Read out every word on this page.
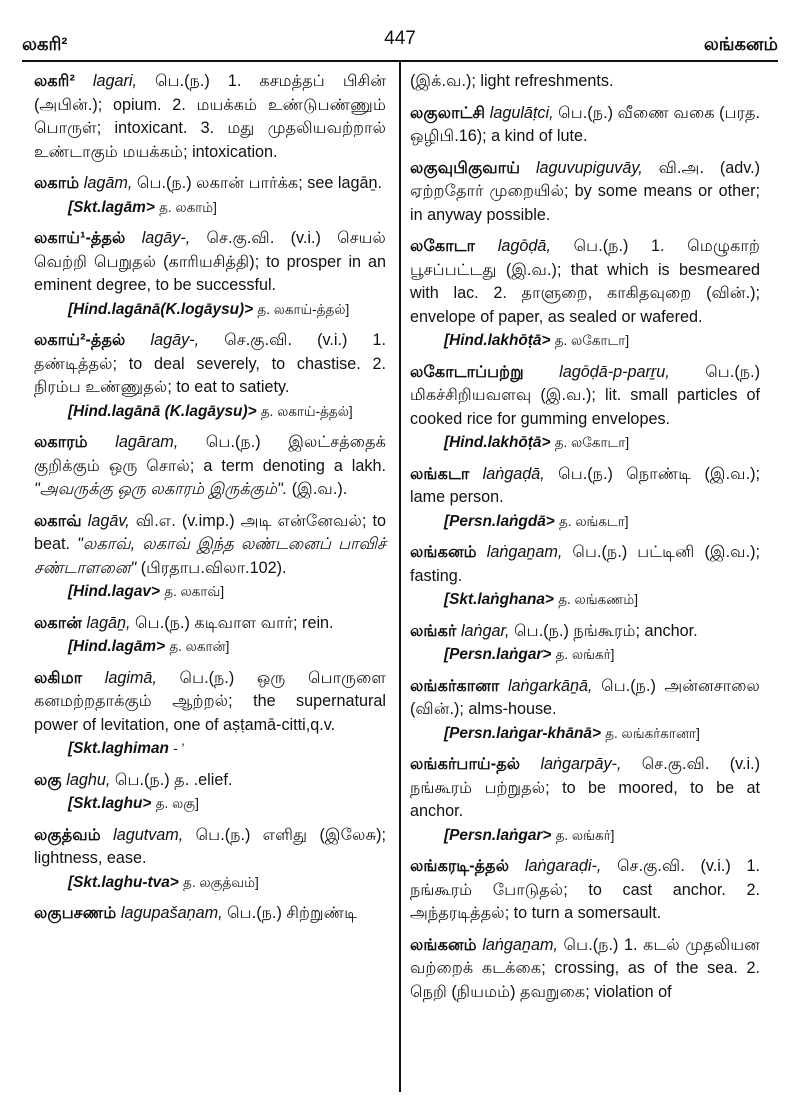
லகரி²	447	லங்கனம்

லகரி² lagari, பெ.(ந.) 1. கசமத்தப் பிசின் (அபின்.); opium. 2. மயக்கம் உண்டுபண்ணும் பொருள்; intoxicant. 3. மது முதலியவற்றால் உண்டாகும் மயக்கம்; intoxication.

லகாம் lagām, பெ.(ந.) லகான் பார்க்க; see lagāṉ.

[Skt.lagām> த. லகாம்]

லகாய்¹-த்தல் lagāy-, செ.கு.வி. (v.i.) செயல் வெற்றி பெறுதல் (காரியசித்தி); to prosper in an eminent degree, to be successful.

[Hind.lagānā(K.logāysu)> த. லகாய்-த்தல்]

லகாய்²-த்தல் lagāy-, செ.கு.வி. (v.i.) 1. தண்டித்தல்; to deal severely, to chastise. 2. நிரம்ப உண்ணுதல்; to eat to satiety.

[Hind.lagānā (K.lagāysu)> த. லகாய்-த்தல்]

லகாரம் lagāram, பெ.(ந.) இலட்சத்தைக் குறிக்கும் ஒரு சொல்; a term denoting a lakh. "அவருக்கு ஒரு லகாரம் இருக்கும்". (இ.வ.).

லகாவ் lagāv, வி.எ. (v.imp.) அடி என்னேவல்; to beat. "லகாவ், லகாவ் இந்த லண்டனைப் பாவிச் சண்டாளனை" (பிரதாப.விலா.102).

[Hind.lagav> த. லகாவ்]

லகான் lagāṉ, பெ.(ந.) கடிவாள வார்; rein.

[Hind.lagām> த. லகான்]

லகிமா lagimā, பெ.(ந.) ஒரு பொருளை கனமற்றதாக்கும் ஆற்றல்; the supernatural power of levitation, one of aṣṭamā-citti,q.v.

[Skt.laghiman - ’

லகு laghu, பெ.(ந.) த. .elief.

[Skt.laghu> த. லகு]

லகுத்வம் lagutvam, பெ.(ந.) எளிது (இலேசு); lightness, ease.

[Skt.laghu-tva> த. லகுத்வம்]

லகுபசணம் lagupašaṇam, பெ.(ந.) சிற்றுண்டி

(இக்.வ.); light refreshments.

லகுலாட்சி lagulāṭci, பெ.(ந.) வீணை வகை (பரத. ஒழிபி.16); a kind of lute.

லகுவுபிகுவாய் laguvupiguvāy, வி.அ. (adv.) ஏற்றதோர் முறையில்; by some means or other; in anyway possible.

லகோடா lagōḍā, பெ.(ந.) 1. மெழுகாற் பூசப்பட்டது (இ.வ.); that which is besmeared with lac. 2. தாளுறை, காகிதவுறை (வின்.); envelope of paper, as sealed or wafered.

[Hind.lakhōṭā> த. லகோடா]

லகோடாப்பற்று lagōḍā-p-parṟu, பெ.(ந.) மிகச்சிறியவளவு (இ.வ.); lit. small particles of cooked rice for gumming envelopes.

[Hind.lakhōṭā> த. லகோடா]

லங்கடா laṅgaḍā, பெ.(ந.) நொண்டி (இ.வ.); lame person.

[Persn.laṅgdā> த. லங்கடா]

லங்கனம் laṅgaṉam, பெ.(ந.) பட்டினி (இ.வ.); fasting.

[Skt.laṅghana> த. லங்கணம்]

லங்கர் laṅgar, பெ.(ந.) நங்கூரம்; anchor.

[Persn.laṅgar> த. லங்கர்]

லங்கர்கானா laṅgarkāṉā, பெ.(ந.) அன்னசாலை (வின்.); alms-house.

[Persn.laṅgar-khānā> த. லங்கர்கானா]

லங்கர்பாய்-தல் laṅgarpāy-, செ.கு.வி. (v.i.) நங்கூரம் பற்றுதல்; to be moored, to be at anchor.

[Persn.laṅgar> த. லங்கர்]

லங்கரடி-த்தல் laṅgaraḍi-, செ.கு.வி. (v.i.) 1. நங்கூரம் போடுதல்; to cast anchor. 2. அந்தரடித்தல்; to turn a somersault.

லங்கனம் laṅgaṉam, பெ.(ந.) 1. கடல் முதலியன வற்றைக் கடக்கை; crossing, as of the sea. 2. நெறி (நியமம்) தவறுகை; violation of
